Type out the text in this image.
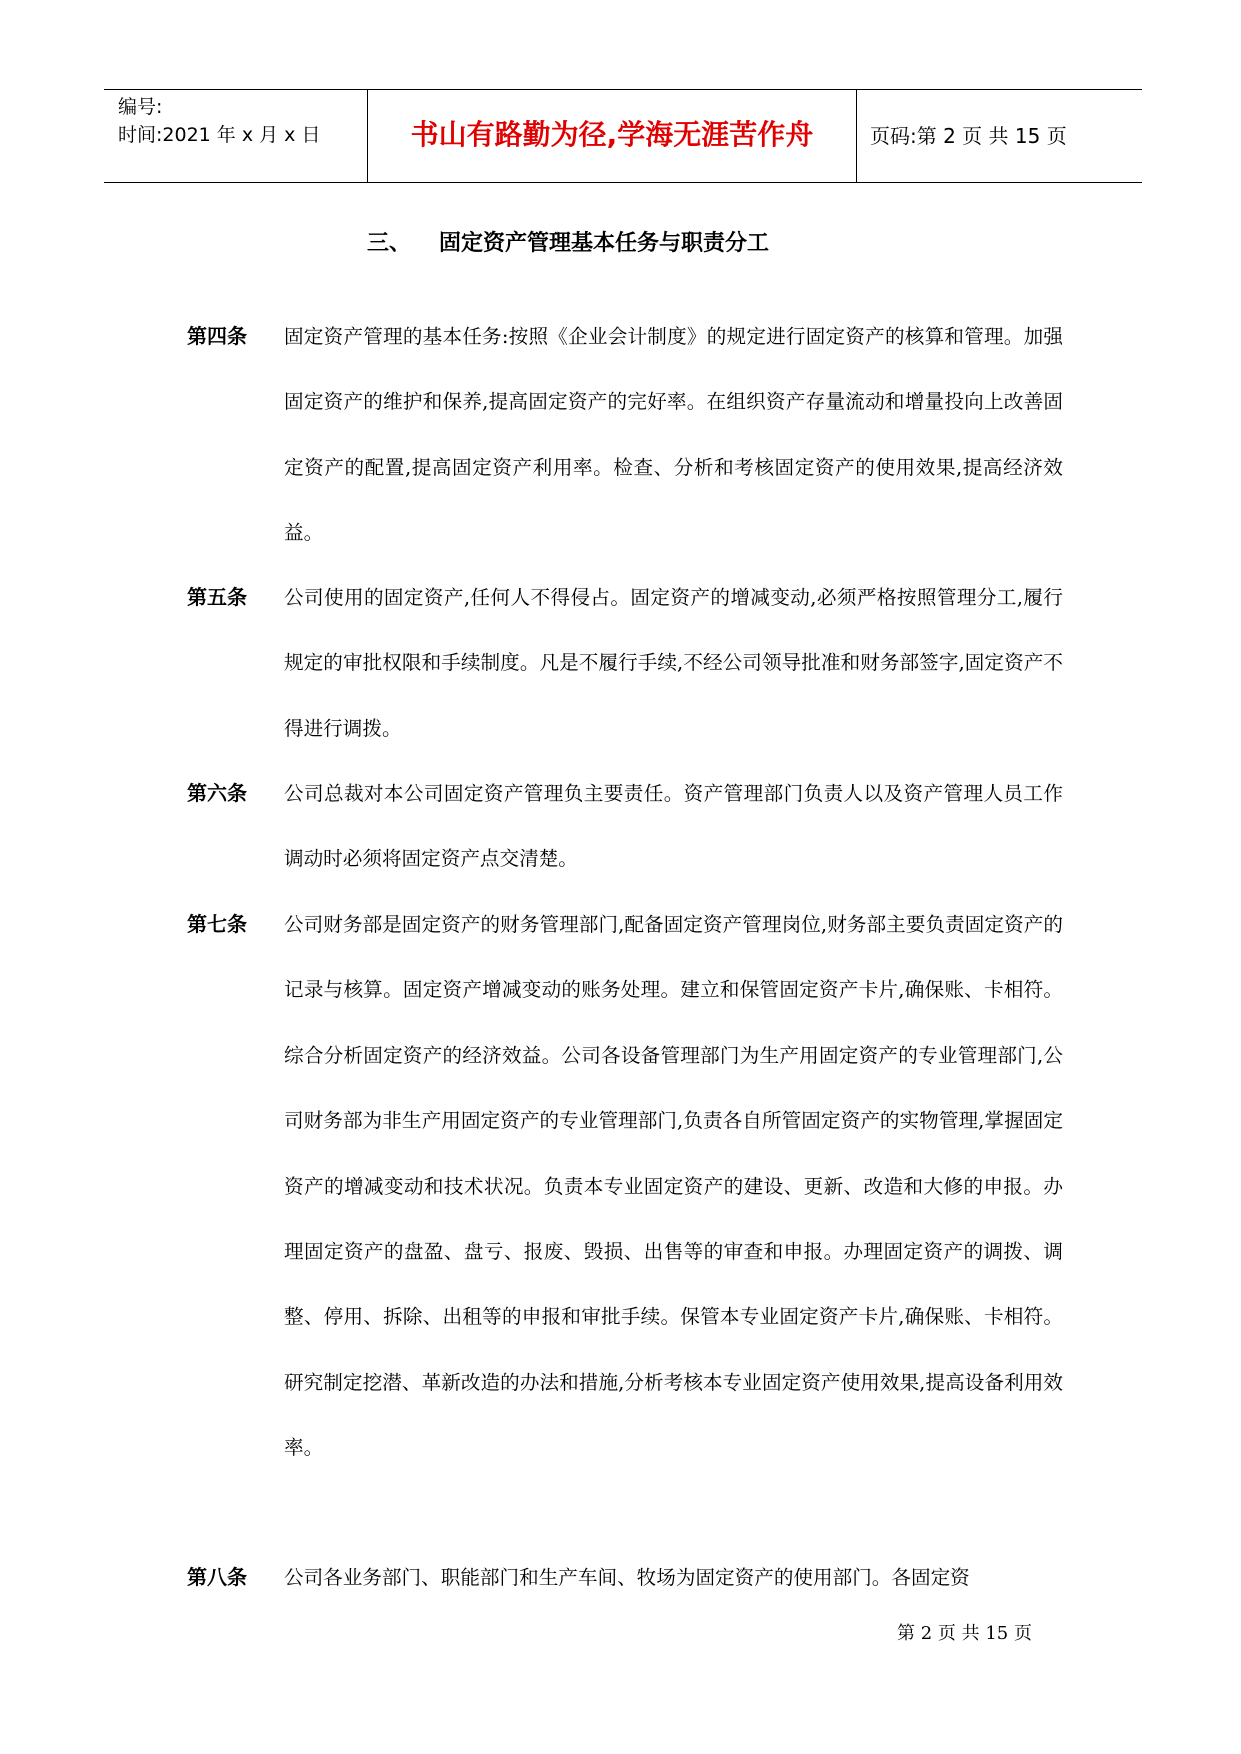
编号:
时间:2021 年 x 月 x 日	书山有路勤为径,学海无涯苦作舟	页码:第 2 页 共 15 页
三、 固定资产管理基本任务与职责分工
第四条 固定资产管理的基本任务:按照《企业会计制度》的规定进行固定资产的核算和管理。加强固定资产的维护和保养,提高固定资产的完好率。在组织资产存量流动和增量投向上改善固定资产的配置,提高固定资产利用率。检查、分析和考核固定资产的使用效果,提高经济效益。
第五条 公司使用的固定资产,任何人不得侵占。固定资产的增减变动,必须严格按照管理分工,履行规定的审批权限和手续制度。凡是不履行手续,不经公司领导批准和财务部签字,固定资产不得进行调拨。
第六条 公司总裁对本公司固定资产管理负主要责任。资产管理部门负责人以及资产管理人员工作调动时必须将固定资产点交清楚。
第七条 公司财务部是固定资产的财务管理部门,配备固定资产管理岗位,财务部主要负责固定资产的记录与核算。固定资产增减变动的账务处理。建立和保管固定资产卡片,确保账、卡相符。综合分析固定资产的经济效益。公司各设备管理部门为生产用固定资产的专业管理部门,公司财务部为非生产用固定资产的专业管理部门,负责各自所管固定资产的实物管理,掌握固定资产的增减变动和技术状况。负责本专业固定资产的建设、更新、改造和大修的申报。办理固定资产的盘盈、盘亏、报废、毁损、出售等的审查和申报。办理固定资产的调拨、调整、停用、拆除、出租等的申报和审批手续。保管本专业固定资产卡片,确保账、卡相符。研究制定挖潜、革新改造的办法和措施,分析考核本专业固定资产使用效果,提高设备利用效率。
第八条 公司各业务部门、职能部门和生产车间、牧场为固定资产的使用部门。各固定资
第 2 页 共 15 页
